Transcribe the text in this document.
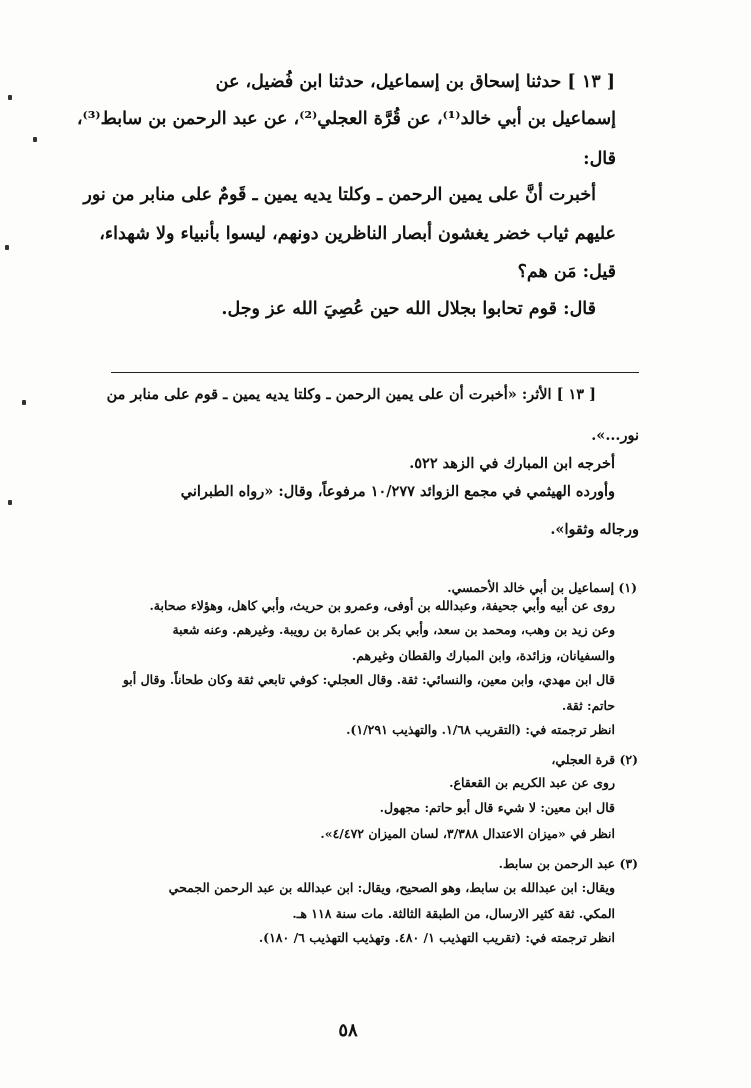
[ ١٣ ] حدثنا إسحاق بن إسماعيل، حدثنا ابن فُضيل، عن
إسماعيل بن أبي خالد⁽¹⁾، عن قُرَّة العجلي⁽²⁾، عن عبد الرحمن بن سابط⁽³⁾،
قال:
أخبرت أنَّ على يمين الرحمن ـ وكلتا يديه يمين ـ قَومٌ على منابر من نور
عليهم ثياب خضر يغشون أبصار الناظرين دونهم، ليسوا بأنبياء ولا شهداء،
قيل: مَن هم؟
قال: قوم تحابوا بجلال الله حين عُصِيَ الله عز وجل.
[ ١٣ ] الأثر: «أخبرت أن على يمين الرحمن ـ وكلتا يديه يمين ـ قوم على منابر من
نور...».
أخرجه ابن المبارك في الزهد ٥٢٢.
وأورده الهيثمي في مجمع الزوائد ١٠/٢٧٧ مرفوعاً، وقال: «رواه الطبراني
ورجاله وثقوا».
(١) إسماعيل بن أبي خالد الأحمسي.
روى عن أبيه وأبي جحيفة، وعبدالله بن أوفى، وعمرو بن حريث، وأبي كاهل، وهؤلاء صحابة.
وعن زيد بن وهب، ومحمد بن سعد، وأبي بكر بن عمارة بن رويبة. وغيرهم. وعنه شعبة
والسفيانان، وزائدة، وابن المبارك والقطان وغيرهم.
قال ابن مهدي، وابن معين، والنسائي: ثقة. وقال العجلي: كوفي تابعي ثقة وكان طحاناً. وقال أبو
حاتم: ثقة.
انظر ترجمته في: (التقريب ١/٦٨. والتهذيب ١/٢٩١).
(٢) قرة العجلي،
روى عن عبد الكريم بن القعقاع.
قال ابن معين: لا شيء قال أبو حاتم: مجهول.
انظر في «ميزان الاعتدال ٣/٣٨٨، لسان الميزان ٤/٤٧٢».
(٣) عبد الرحمن بن سابط.
ويقال: ابن عبدالله بن سابط، وهو الصحيح، ويقال: ابن عبدالله بن عبد الرحمن الجمحي
المكي. ثقة كثير الارسال، من الطبقة الثالثة. مات سنة ١١٨ هـ.
انظر ترجمته في: (تقريب التهذيب ١/ ٤٨٠. وتهذيب التهذيب ٦/ ١٨٠).
٥٨
